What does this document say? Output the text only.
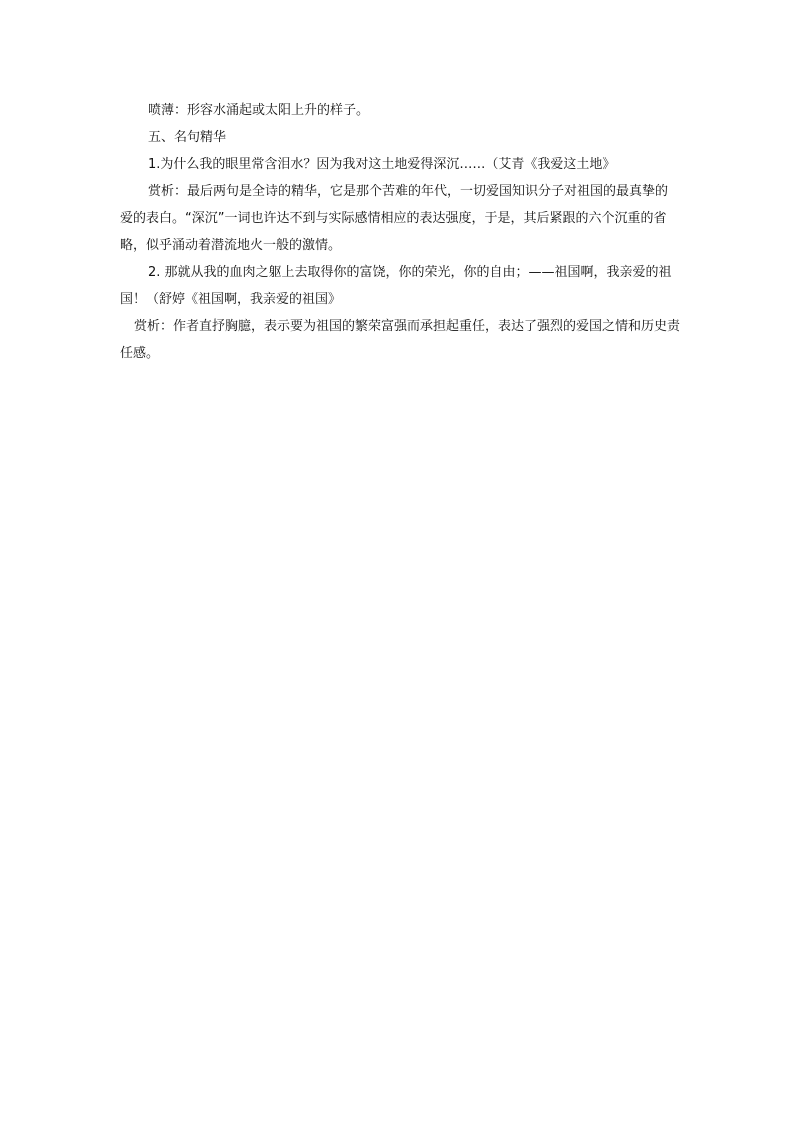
喷薄：形容水涌起或太阳上升的样子。

五、名句精华

1.为什么我的眼里常含泪水？因为我对这土地爱得深沉……（艾青《我爱这土地》

赏析：最后两句是全诗的精华，它是那个苦难的年代，一切爱国知识分子对祖国的最真挚的爱的表白。“深沉”一词也许达不到与实际感情相应的表达强度，于是，其后紧跟的六个沉重的省略，似乎涌动着潜流地火一般的激情。

2. 那就从我的血肉之躯上去取得你的富饶，你的荣光，你的自由；——祖国啊，我亲爱的祖国！（舒婷《祖国啊，我亲爱的祖国》

赏析：作者直抒胸臆，表示要为祖国的繁荣富强而承担起重任，表达了强烈的爱国之情和历史责任感。
